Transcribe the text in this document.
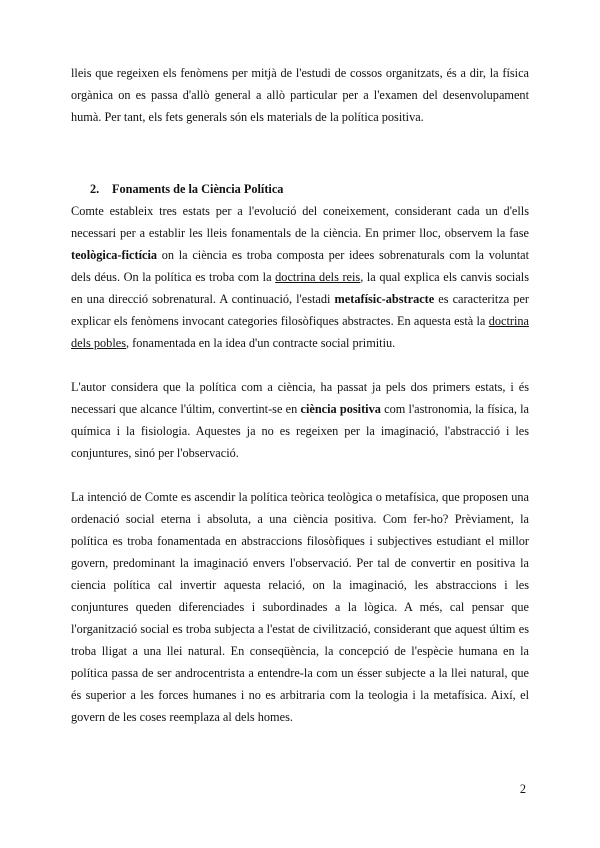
lleis que regeixen els fenòmens per mitjà de l'estudi de cossos organitzats, és a dir, la física orgànica on es passa d'allò general a allò particular per a l'examen del desenvolupament humà. Per tant, els fets generals són els materials de la política positiva.

2. Fonaments de la Ciència Política

Comte estableix tres estats per a l'evolució del coneixement, considerant cada un d'ells necessari per a establir les lleis fonamentals de la ciència. En primer lloc, observem la fase teològica-fictícia on la ciència es troba composta per idees sobrenaturals com la voluntat dels déus. On la política es troba com la doctrina dels reis, la qual explica els canvis socials en una direcció sobrenatural. A continuació, l'estadi metafísic-abstracte es caracteritza per explicar els fenòmens invocant categories filosòfiques abstractes. En aquesta està la doctrina dels pobles, fonamentada en la idea d'un contracte social primitiu.

L'autor considera que la política com a ciència, ha passat ja pels dos primers estats, i és necessari que alcance l'últim, convertint-se en ciència positiva com l'astronomia, la física, la química i la fisiologia. Aquestes ja no es regeixen per la imaginació, l'abstracció i les conjuntures, sinó per l'observació.

La intenció de Comte es ascendir la política teòrica teològica o metafísica, que proposen una ordenació social eterna i absoluta, a una ciència positiva. Com fer-ho? Prèviament, la política es troba fonamentada en abstraccions filosòfiques i subjectives estudiant el millor govern, predominant la imaginació envers l'observació. Per tal de convertir en positiva la ciencia política cal invertir aquesta relació, on la imaginació, les abstraccions i les conjuntures queden diferenciades i subordinades a la lògica. A més, cal pensar que l'organització social es troba subjecta a l'estat de civilització, considerant que aquest últim es troba lligat a una llei natural. En conseqüència, la concepció de l'espècie humana en la política passa de ser androcentrista a entendre-la com un ésser subjecte a la llei natural, que és superior a les forces humanes i no es arbitraria com la teologia i la metafísica. Així, el govern de les coses reemplaza al dels homes.

2
